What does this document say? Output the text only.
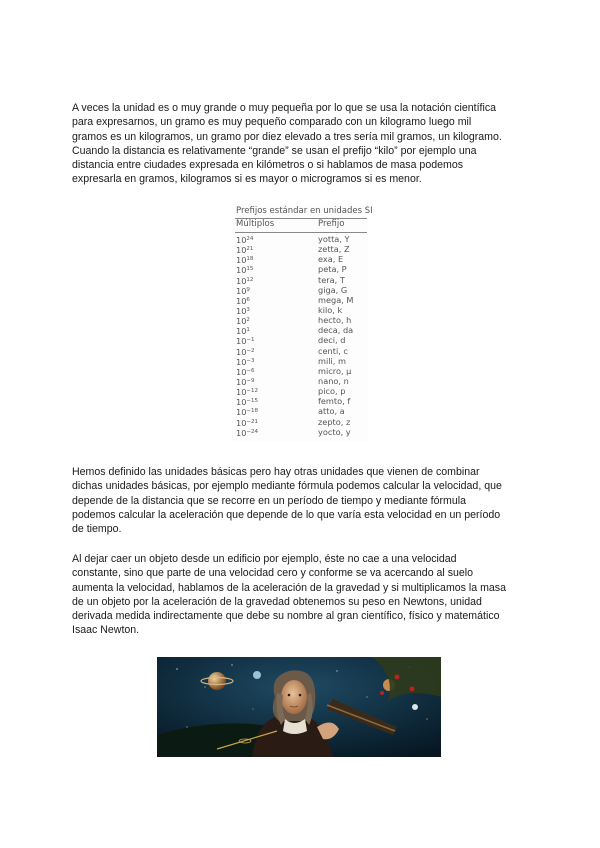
A veces la unidad es o muy grande o muy pequeña por lo que se usa la notación científica
para expresarnos, un gramo es muy pequeño comparado con un kilogramo luego mil
gramos es un kilogramos, un gramo por diez elevado a tres sería mil gramos, un kilogramo.
Cuando la distancia es relativamente “grande” se usan el prefijo “kilo” por ejemplo una
distancia entre ciudades expresada en kilómetros o si hablamos de masa podemos
expresarla en gramos, kilogramos si es mayor o microgramos si es menor.

Prefijos estándar en unidades SI
Múltiplos	Prefijo
$10^{24}$	yotta, Y
$10^{21}$	zetta, Z
$10^{18}$	exa, E
$10^{15}$	peta, P
$10^{12}$	tera, T
$10^9$	giga, G
$10^6$	mega, M
$10^3$	kilo, k
$10^2$	hecto, h
$10^1$	deca, da
$10^{-1}$	deci, d
$10^{-2}$	centi, c
$10^{-3}$	mili, m
$10^{-6}$	micro, µ
$10^{-9}$	nano, n
$10^{-12}$	pico, p
$10^{-15}$	femto, f
$10^{-18}$	atto, a
$10^{-21}$	zepto, z
$10^{-24}$	yocto, y

Hemos definido las unidades básicas pero hay otras unidades que vienen de combinar
dichas unidades básicas, por ejemplo mediante fórmula podemos calcular la velocidad, que
depende de la distancia que se recorre en un período de tiempo y mediante fórmula
podemos calcular la aceleración que depende de lo que varía esta velocidad en un período
de tiempo.

Al dejar caer un objeto desde un edificio por ejemplo, éste no cae a una velocidad
constante, sino que parte de una velocidad cero y conforme se va acercando al suelo
aumenta la velocidad, hablamos de la aceleración de la gravedad y si multiplicamos la masa
de un objeto por la aceleración de la gravedad obtenemos su peso en Newtons, unidad
derivada medida indirectamente que debe su nombre al gran científico, físico y matemático
Isaac Newton.
